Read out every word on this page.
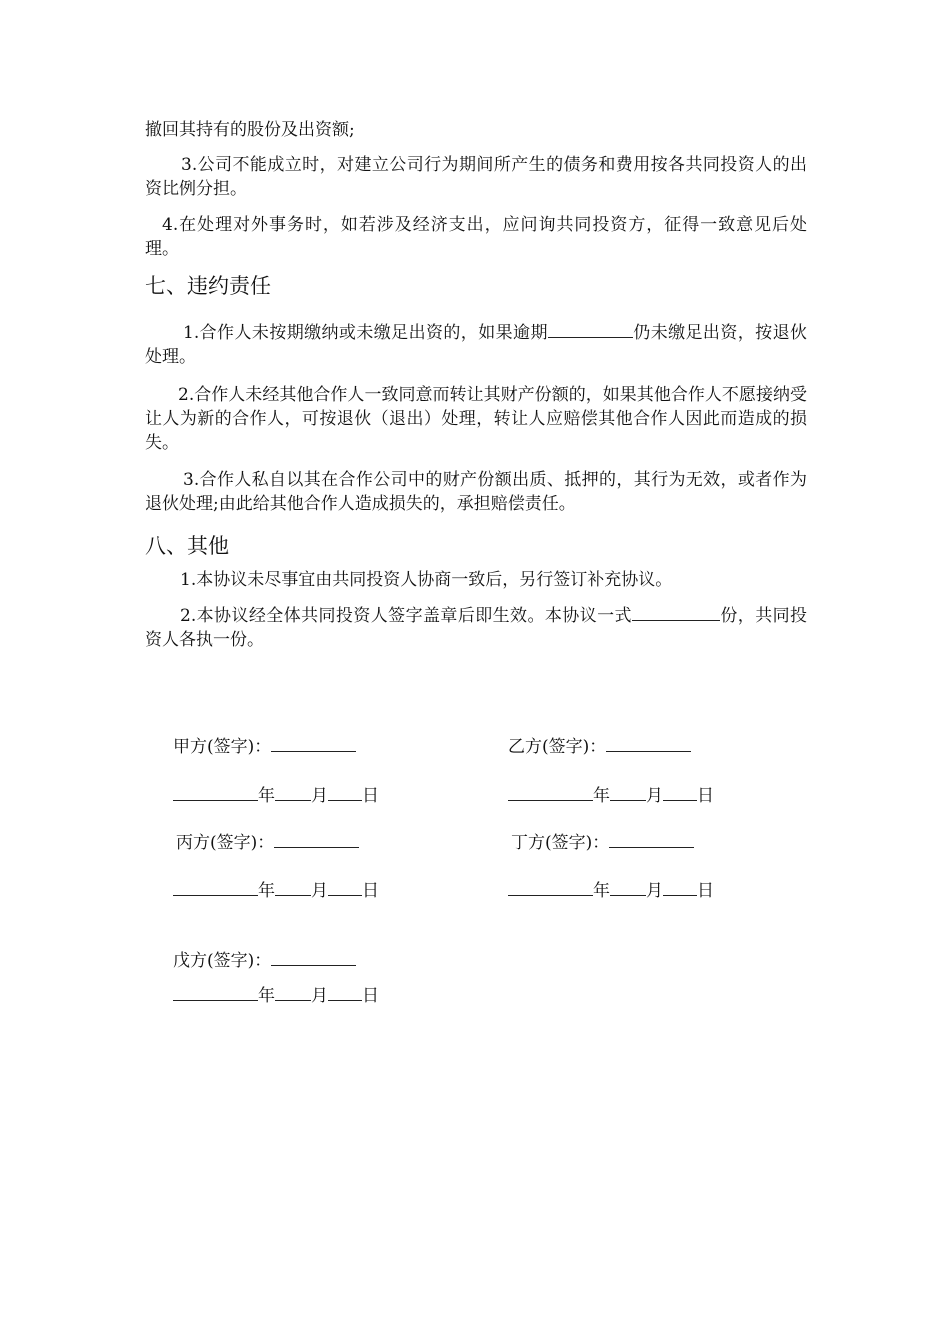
撤回其持有的股份及出资额;
3.公司不能成立时，对建立公司行为期间所产生的债务和费用按各共同投资人的出资比例分担。
4.在处理对外事务时，如若涉及经济支出，应问询共同投资方，征得一致意见后处理。
七、违约责任
1.合作人未按期缴纳或未缴足出资的，如果逾期	仍未缴足出资，按退伙处理。
2.合作人未经其他合作人一致同意而转让其财产份额的，如果其他合作人不愿接纳受让人为新的合作人，可按退伙（退出）处理，转让人应赔偿其他合作人因此而造成的损失。
3.合作人私自以其在合作公司中的财产份额出质、抵押的，其行为无效，或者作为退伙处理;由此给其他合作人造成损失的，承担赔偿责任。
八、其他
1.本协议未尽事宜由共同投资人协商一致后，另行签订补充协议。
2.本协议经全体共同投资人签字盖章后即生效。本协议一式	份，共同投资人各执一份。
甲方(签字)：
年 月 日
乙方(签字)：
年 月 日
丙方(签字)：
年 月 日
丁方(签字)：
年 月 日
戊方(签字)：
年 月 日
